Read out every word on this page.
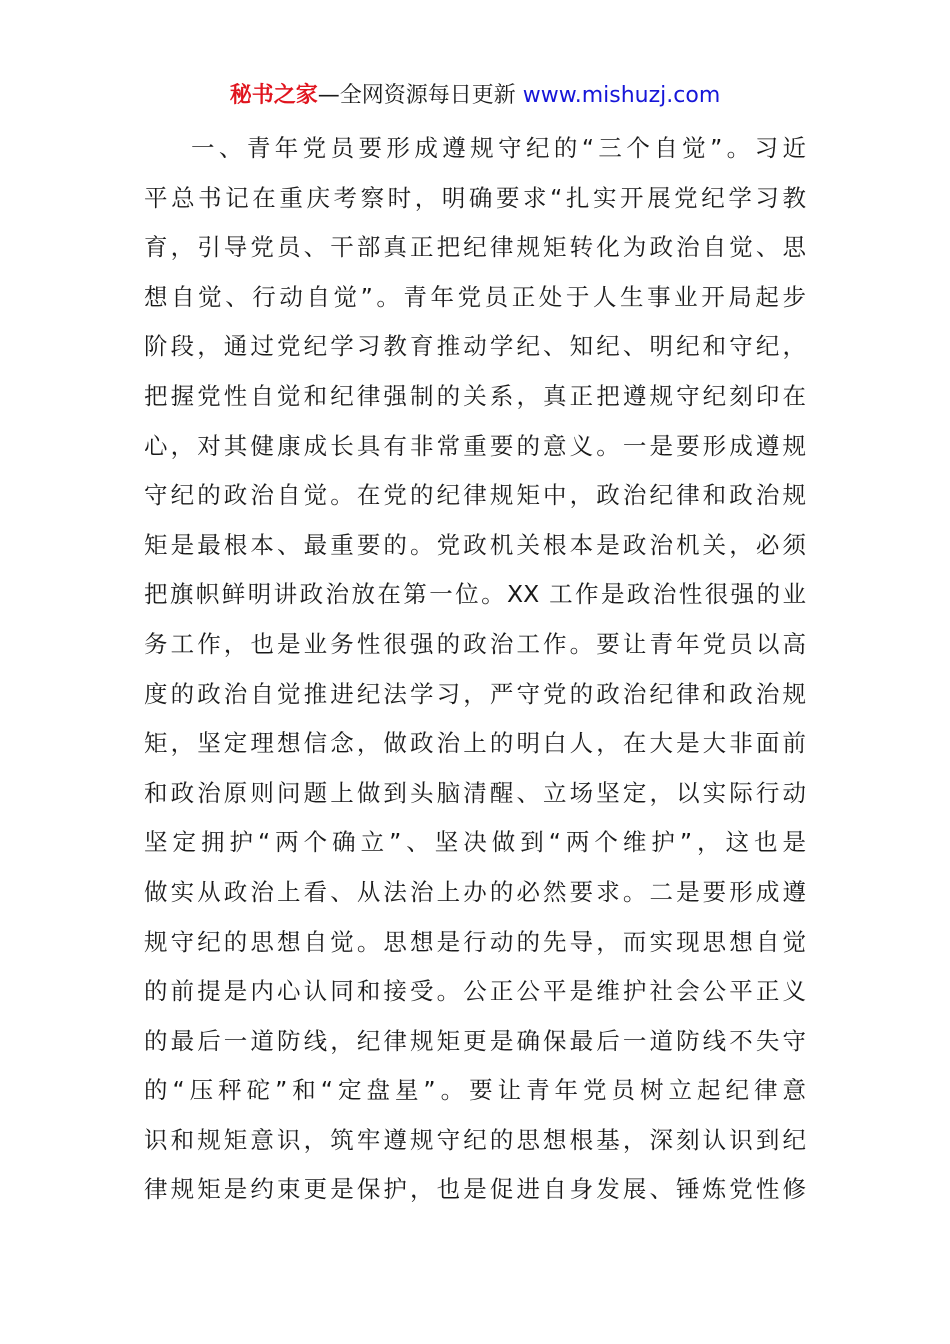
秘书之家—全网资源每日更新 www.mishuzj.com
一、青年党员要形成遵规守纪的“三个自觉”。习近
平总书记在重庆考察时，明确要求“扎实开展党纪学习教
育，引导党员、干部真正把纪律规矩转化为政治自觉、思
想自觉、行动自觉”。青年党员正处于人生事业开局起步
阶段，通过党纪学习教育推动学纪、知纪、明纪和守纪，
把握党性自觉和纪律强制的关系，真正把遵规守纪刻印在
心，对其健康成长具有非常重要的意义。一是要形成遵规
守纪的政治自觉。在党的纪律规矩中，政治纪律和政治规
矩是最根本、最重要的。党政机关根本是政治机关，必须
把旗帜鲜明讲政治放在第一位。XX 工作是政治性很强的业
务工作，也是业务性很强的政治工作。要让青年党员以高
度的政治自觉推进纪法学习，严守党的政治纪律和政治规
矩，坚定理想信念，做政治上的明白人，在大是大非面前
和政治原则问题上做到头脑清醒、立场坚定，以实际行动
坚定拥护“两个确立”、坚决做到“两个维护”，这也是
做实从政治上看、从法治上办的必然要求。二是要形成遵
规守纪的思想自觉。思想是行动的先导，而实现思想自觉
的前提是内心认同和接受。公正公平是维护社会公平正义
的最后一道防线，纪律规矩更是确保最后一道防线不失守
的“压秤砣”和“定盘星”。要让青年党员树立起纪律意
识和规矩意识，筑牢遵规守纪的思想根基，深刻认识到纪
律规矩是约束更是保护，也是促进自身发展、锤炼党性修
